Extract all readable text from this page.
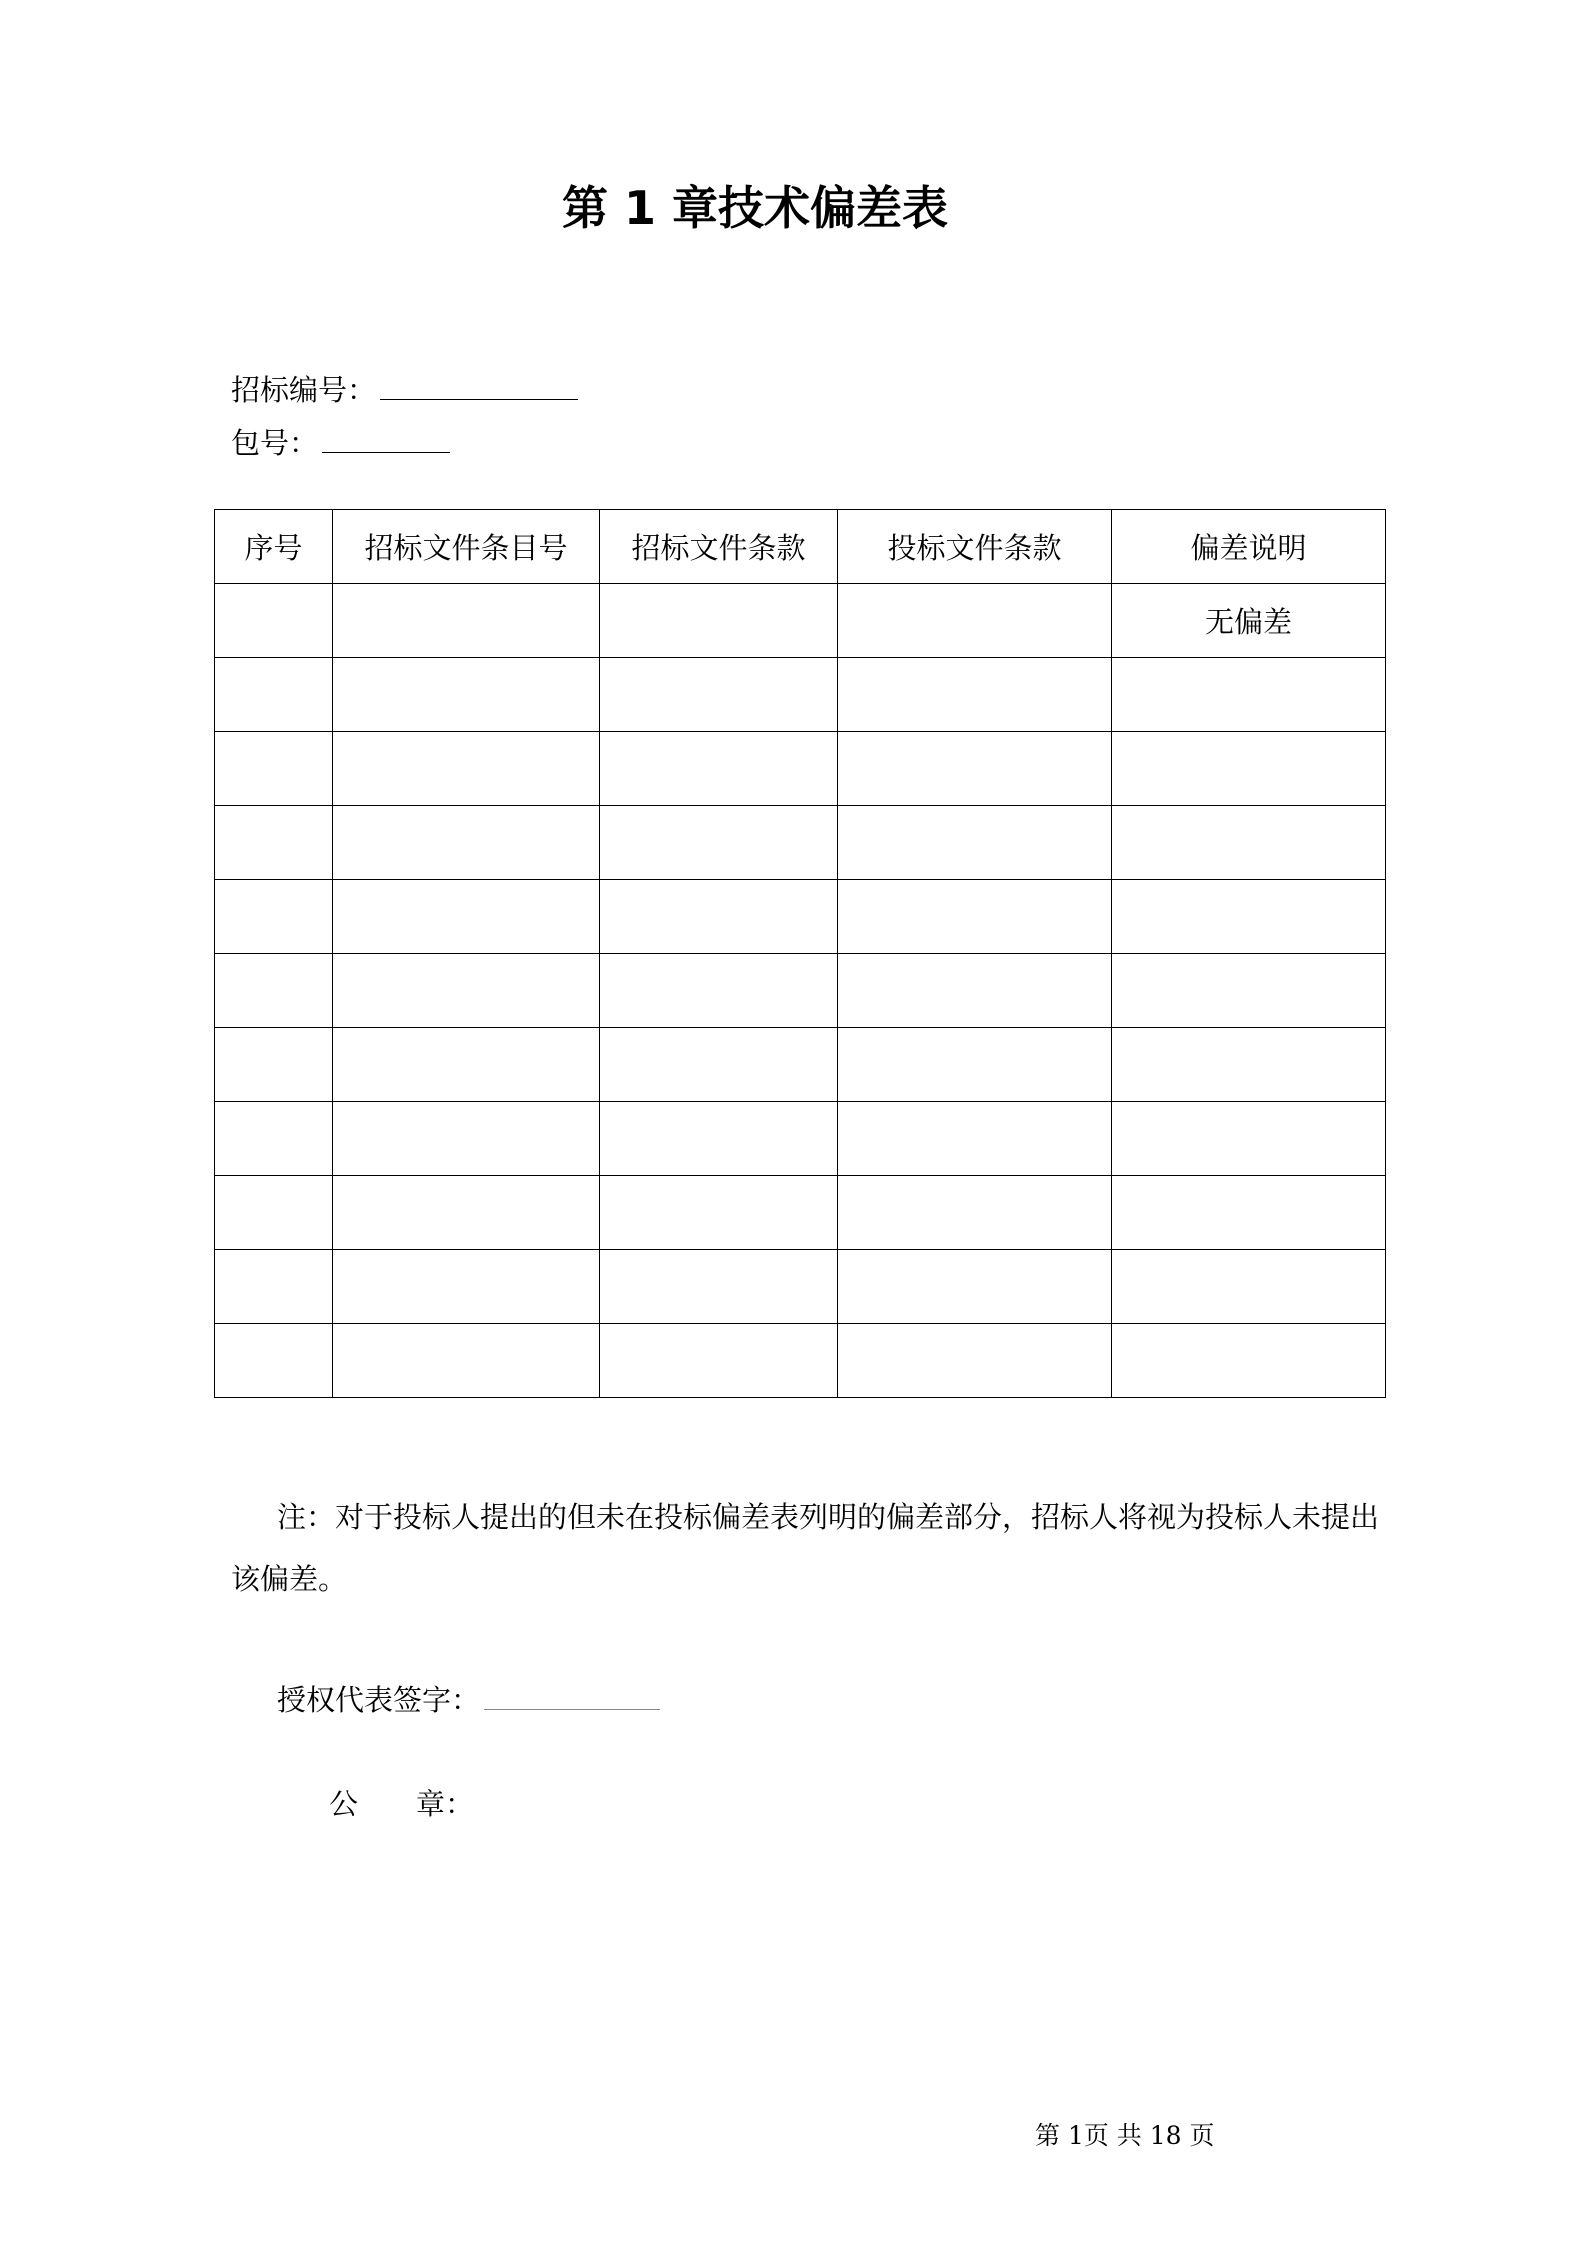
第 1 章技术偏差表
招标编号：
包号：
序号	招标文件条目号	招标文件条款	投标文件条款	偏差说明
				无偏差

注：对于投标人提出的但未在投标偏差表列明的偏差部分，招标人将视为投标人未提出该偏差。
授权代表签字：
公　　章：
第 1页 共 18 页
